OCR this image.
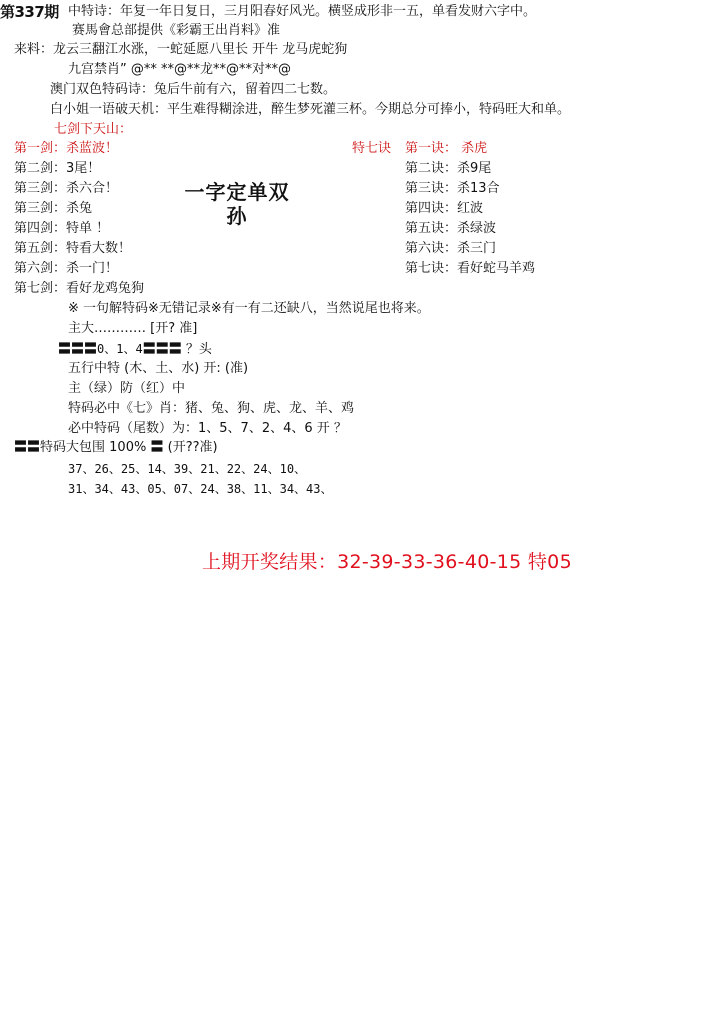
第337期 中特诗：年复一年日复日，三月阳春好风光。横竖成形非一五，单看发财六字中。
赛馬會总部提供《彩霸王出肖料》准
来料：龙云三翻江水涨，一蛇延愿八里长 开牛 龙马虎蛇狗
九宫禁肖” @** **@**龙**@**对**@
澳门双色特码诗：兔后牛前有六，留着四二七数。
白小姐一语破天机：平生难得糊涂进，醉生梦死灌三杯。今期总分可捧小，特码旺大和单。
七剑下天山：
第一剑：杀蓝波！
第二剑：3尾！
第三剑：杀六合！
第三剑：杀兔
第四剑：特单 ！
第五剑：特看大数！
第六剑：杀一门！
第七剑：看好龙鸡兔狗
一字定单双 孙
特七诀 第一诀： 杀虎
第二诀：杀9尾
第三诀：杀13合
第四诀：红波
第五诀：杀绿波
第六诀：杀三门
第七诀：看好蛇马羊鸡
※ 一句解特码※无错记录※有一有二还缺八，当然说尾也将来。
主大………… [开? 准]
〓〓〓0、1、4〓〓〓 ？头
五行中特 (木、土、水) 开: (准)
主（绿）防（红）中
特码必中《七》肖：猪、兔、狗、虎、龙、羊、鸡
必中特码（尾数）为：1、5、7、2、4、6 开 ？
〓〓特码大包围 100% 〓 (开??准)
37、26、25、14、39、21、22、24、10、
31、34、43、05、07、24、38、11、34、43、
上期开奖结果：32-39-33-36-40-15 特05
